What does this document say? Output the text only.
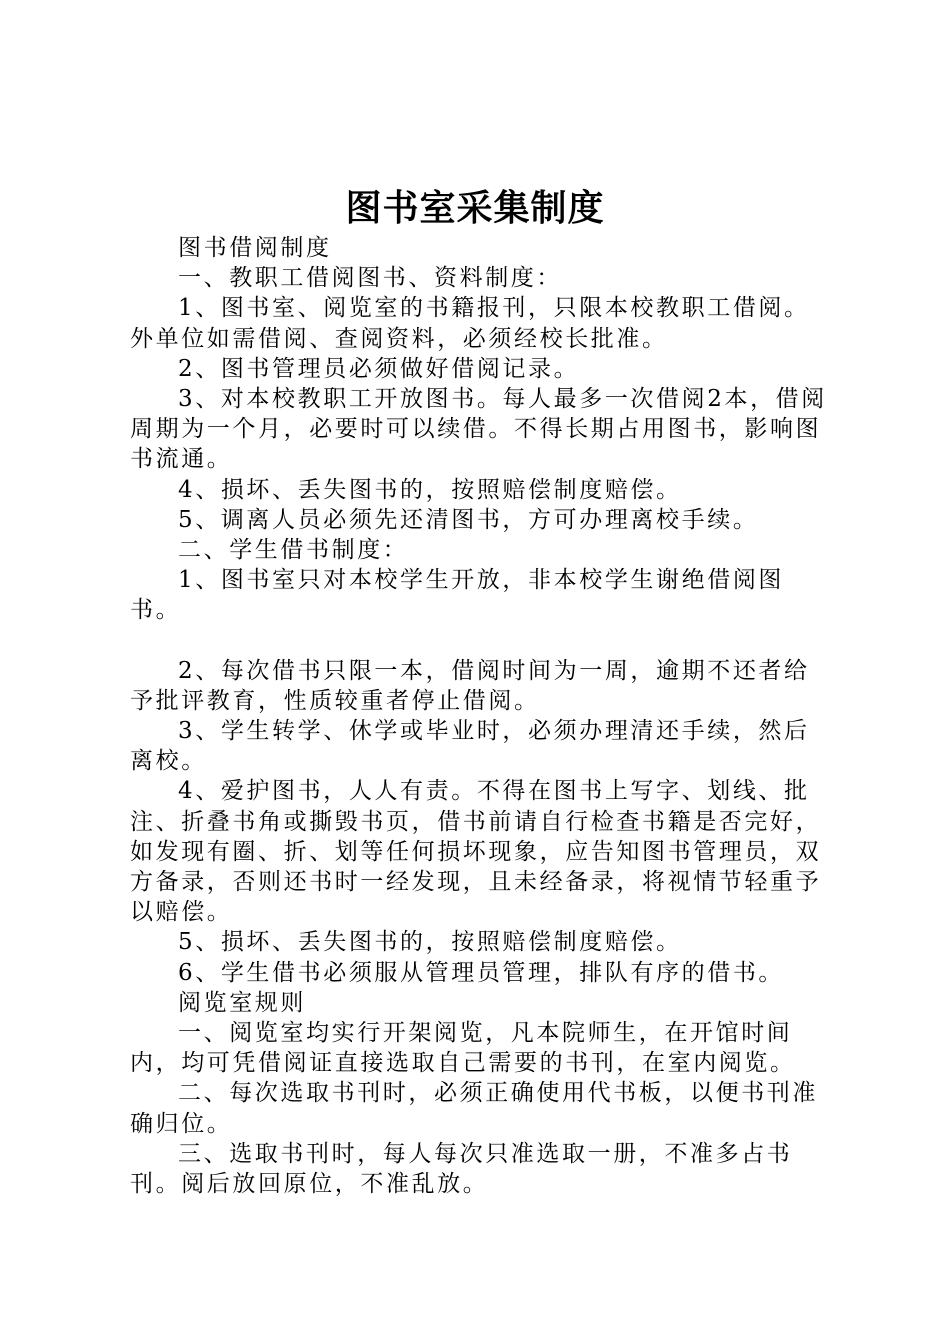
图书室采集制度

图书借阅制度

一、教职工借阅图书、资料制度：

1、图书室、阅览室的书籍报刊，只限本校教职工借阅。外单位如需借阅、查阅资料，必须经校长批准。

2、图书管理员必须做好借阅记录。

3、对本校教职工开放图书。每人最多一次借阅2本，借阅周期为一个月，必要时可以续借。不得长期占用图书，影响图书流通。

4、损坏、丢失图书的，按照赔偿制度赔偿。

5、调离人员必须先还清图书，方可办理离校手续。

二、学生借书制度：

1、图书室只对本校学生开放，非本校学生谢绝借阅图书。

2、每次借书只限一本，借阅时间为一周，逾期不还者给予批评教育，性质较重者停止借阅。

3、学生转学、休学或毕业时，必须办理清还手续，然后离校。

4、爱护图书，人人有责。不得在图书上写字、划线、批注、折叠书角或撕毁书页，借书前请自行检查书籍是否完好，如发现有圈、折、划等任何损坏现象，应告知图书管理员，双方备录，否则还书时一经发现，且未经备录，将视情节轻重予以赔偿。

5、损坏、丢失图书的，按照赔偿制度赔偿。

6、学生借书必须服从管理员管理，排队有序的借书。

阅览室规则

一、阅览室均实行开架阅览，凡本院师生，在开馆时间内，均可凭借阅证直接选取自己需要的书刊，在室内阅览。

二、每次选取书刊时，必须正确使用代书板，以便书刊准确归位。

三、选取书刊时，每人每次只准选取一册，不准多占书刊。阅后放回原位，不准乱放。
